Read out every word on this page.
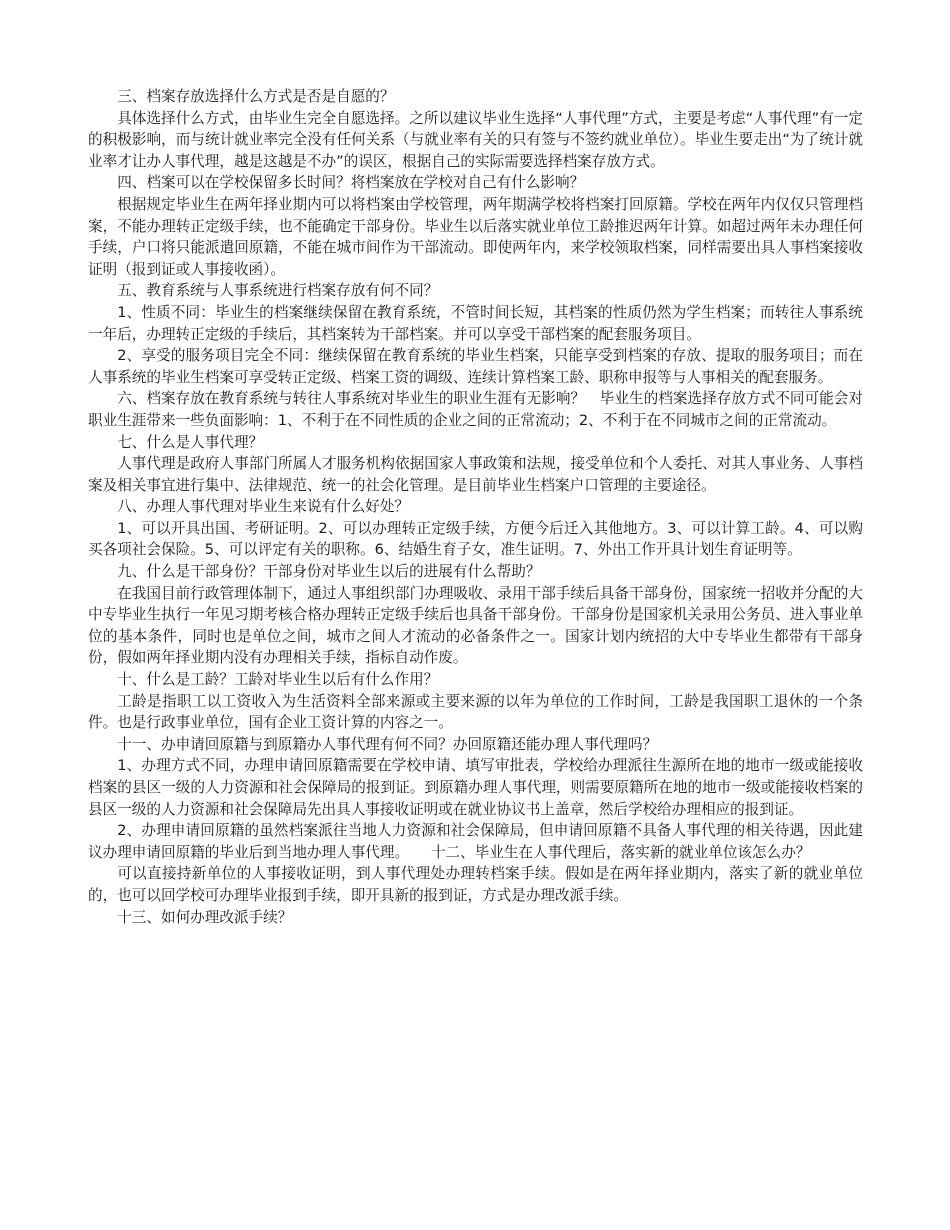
三、档案存放选择什么方式是否是自愿的？

具体选择什么方式，由毕业生完全自愿选择。之所以建议毕业生选择“人事代理”方式，主要是考虑“人事代理”有一定的积极影响，而与统计就业率完全没有任何关系（与就业率有关的只有签与不签约就业单位）。毕业生要走出“为了统计就业率才让办人事代理，越是这越是不办”的误区，根据自己的实际需要选择档案存放方式。

四、档案可以在学校保留多长时间？将档案放在学校对自己有什么影响？

根据规定毕业生在两年择业期内可以将档案由学校管理，两年期满学校将档案打回原籍。学校在两年内仅仅只管理档案，不能办理转正定级手续，也不能确定干部身份。毕业生以后落实就业单位工龄推迟两年计算。如超过两年未办理任何手续，户口将只能派遣回原籍，不能在城市间作为干部流动。即使两年内，来学校领取档案，同样需要出具人事档案接收证明（报到证或人事接收函）。

五、教育系统与人事系统进行档案存放有何不同？

1、性质不同：毕业生的档案继续保留在教育系统，不管时间长短，其档案的性质仍然为学生档案；而转往人事系统一年后，办理转正定级的手续后，其档案转为干部档案。并可以享受干部档案的配套服务项目。

2、享受的服务项目完全不同：继续保留在教育系统的毕业生档案，只能享受到档案的存放、提取的服务项目；而在人事系统的毕业生档案可享受转正定级、档案工资的调级、连续计算档案工龄、职称申报等与人事相关的配套服务。

六、档案存放在教育系统与转往人事系统对毕业生的职业生涯有无影响？　毕业生的档案选择存放方式不同可能会对职业生涯带来一些负面影响：1、不利于在不同性质的企业之间的正常流动；2、不利于在不同城市之间的正常流动。

七、什么是人事代理？

人事代理是政府人事部门所属人才服务机构依据国家人事政策和法规，接受单位和个人委托、对其人事业务、人事档案及相关事宜进行集中、法律规范、统一的社会化管理。是目前毕业生档案户口管理的主要途径。

八、办理人事代理对毕业生来说有什么好处？

1、可以开具出国、考研证明。2、可以办理转正定级手续，方便今后迁入其他地方。3、可以计算工龄。4、可以购买各项社会保险。5、可以评定有关的职称。6、结婚生育子女，准生证明。7、外出工作开具计划生育证明等。

九、什么是干部身份？干部身份对毕业生以后的进展有什么帮助？

在我国目前行政管理体制下，通过人事组织部门办理吸收、录用干部手续后具备干部身份，国家统一招收并分配的大中专毕业生执行一年见习期考核合格办理转正定级手续后也具备干部身份。干部身份是国家机关录用公务员、进入事业单位的基本条件，同时也是单位之间，城市之间人才流动的必备条件之一。国家计划内统招的大中专毕业生都带有干部身份，假如两年择业期内没有办理相关手续，指标自动作废。

十、什么是工龄？工龄对毕业生以后有什么作用？

工龄是指职工以工资收入为生活资料全部来源或主要来源的以年为单位的工作时间，工龄是我国职工退休的一个条件。也是行政事业单位，国有企业工资计算的内容之一。

十一、办申请回原籍与到原籍办人事代理有何不同？办回原籍还能办理人事代理吗？

1、办理方式不同，办理申请回原籍需要在学校申请、填写审批表，学校给办理派往生源所在地的地市一级或能接收档案的县区一级的人力资源和社会保障局的报到证。到原籍办理人事代理，则需要原籍所在地的地市一级或能接收档案的县区一级的人力资源和社会保障局先出具人事接收证明或在就业协议书上盖章，然后学校给办理相应的报到证。

2、办理申请回原籍的虽然档案派往当地人力资源和社会保障局，但申请回原籍不具备人事代理的相关待遇，因此建议办理申请回原籍的毕业后到当地办理人事代理。　　十二、毕业生在人事代理后，落实新的就业单位该怎么办？

可以直接持新单位的人事接收证明，到人事代理处办理转档案手续。假如是在两年择业期内，落实了新的就业单位的，也可以回学校可办理毕业报到手续，即开具新的报到证，方式是办理改派手续。

十三、如何办理改派手续？
